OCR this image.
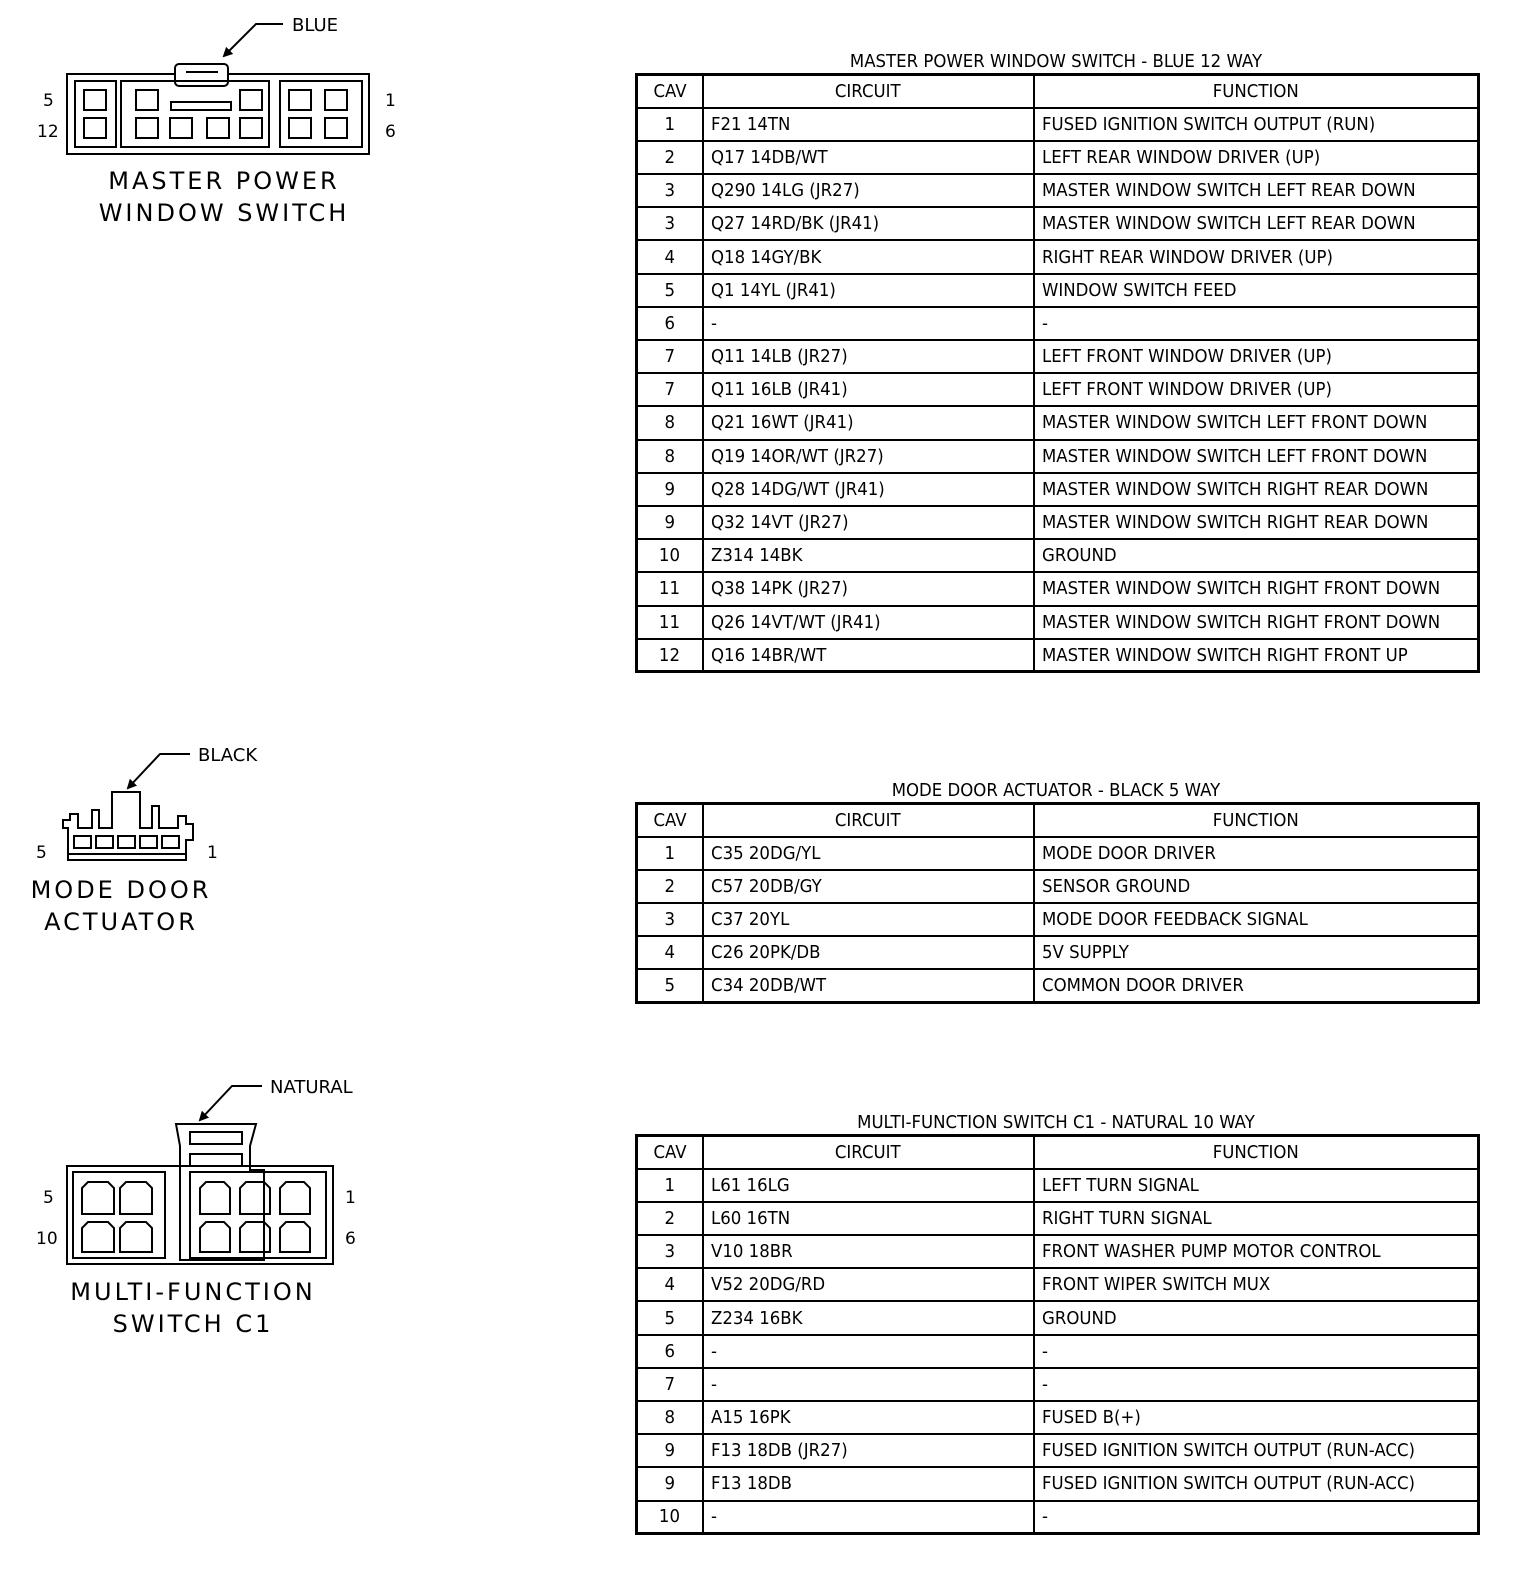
BLUE
5	1
12	6
MASTER POWER
WINDOW SWITCH
BLACK
5	1
MODE DOOR
ACTUATOR
NATURAL
5	1
10	6
MULTI-FUNCTION
SWITCH C1
MASTER POWER WINDOW SWITCH - BLUE 12 WAY
CAV	CIRCUIT	FUNCTION
1	F21 14TN	FUSED IGNITION SWITCH OUTPUT (RUN)
2	Q17 14DB/WT	LEFT REAR WINDOW DRIVER (UP)
3	Q290 14LG (JR27)	MASTER WINDOW SWITCH LEFT REAR DOWN
3	Q27 14RD/BK (JR41)	MASTER WINDOW SWITCH LEFT REAR DOWN
4	Q18 14GY/BK	RIGHT REAR WINDOW DRIVER (UP)
5	Q1 14YL (JR41)	WINDOW SWITCH FEED
6	-	-
7	Q11 14LB (JR27)	LEFT FRONT WINDOW DRIVER (UP)
7	Q11 16LB (JR41)	LEFT FRONT WINDOW DRIVER (UP)
8	Q21 16WT (JR41)	MASTER WINDOW SWITCH LEFT FRONT DOWN
8	Q19 14OR/WT (JR27)	MASTER WINDOW SWITCH LEFT FRONT DOWN
9	Q28 14DG/WT (JR41)	MASTER WINDOW SWITCH RIGHT REAR DOWN
9	Q32 14VT (JR27)	MASTER WINDOW SWITCH RIGHT REAR DOWN
10	Z314 14BK	GROUND
11	Q38 14PK (JR27)	MASTER WINDOW SWITCH RIGHT FRONT DOWN
11	Q26 14VT/WT (JR41)	MASTER WINDOW SWITCH RIGHT FRONT DOWN
12	Q16 14BR/WT	MASTER WINDOW SWITCH RIGHT FRONT UP
MODE DOOR ACTUATOR - BLACK 5 WAY
CAV	CIRCUIT	FUNCTION
1	C35 20DG/YL	MODE DOOR DRIVER
2	C57 20DB/GY	SENSOR GROUND
3	C37 20YL	MODE DOOR FEEDBACK SIGNAL
4	C26 20PK/DB	5V SUPPLY
5	C34 20DB/WT	COMMON DOOR DRIVER
MULTI-FUNCTION SWITCH C1 - NATURAL 10 WAY
CAV	CIRCUIT	FUNCTION
1	L61 16LG	LEFT TURN SIGNAL
2	L60 16TN	RIGHT TURN SIGNAL
3	V10 18BR	FRONT WASHER PUMP MOTOR CONTROL
4	V52 20DG/RD	FRONT WIPER SWITCH MUX
5	Z234 16BK	GROUND
6	-	-
7	-	-
8	A15 16PK	FUSED B(+)
9	F13 18DB (JR27)	FUSED IGNITION SWITCH OUTPUT (RUN-ACC)
9	F13 18DB	FUSED IGNITION SWITCH OUTPUT (RUN-ACC)
10	-	-
